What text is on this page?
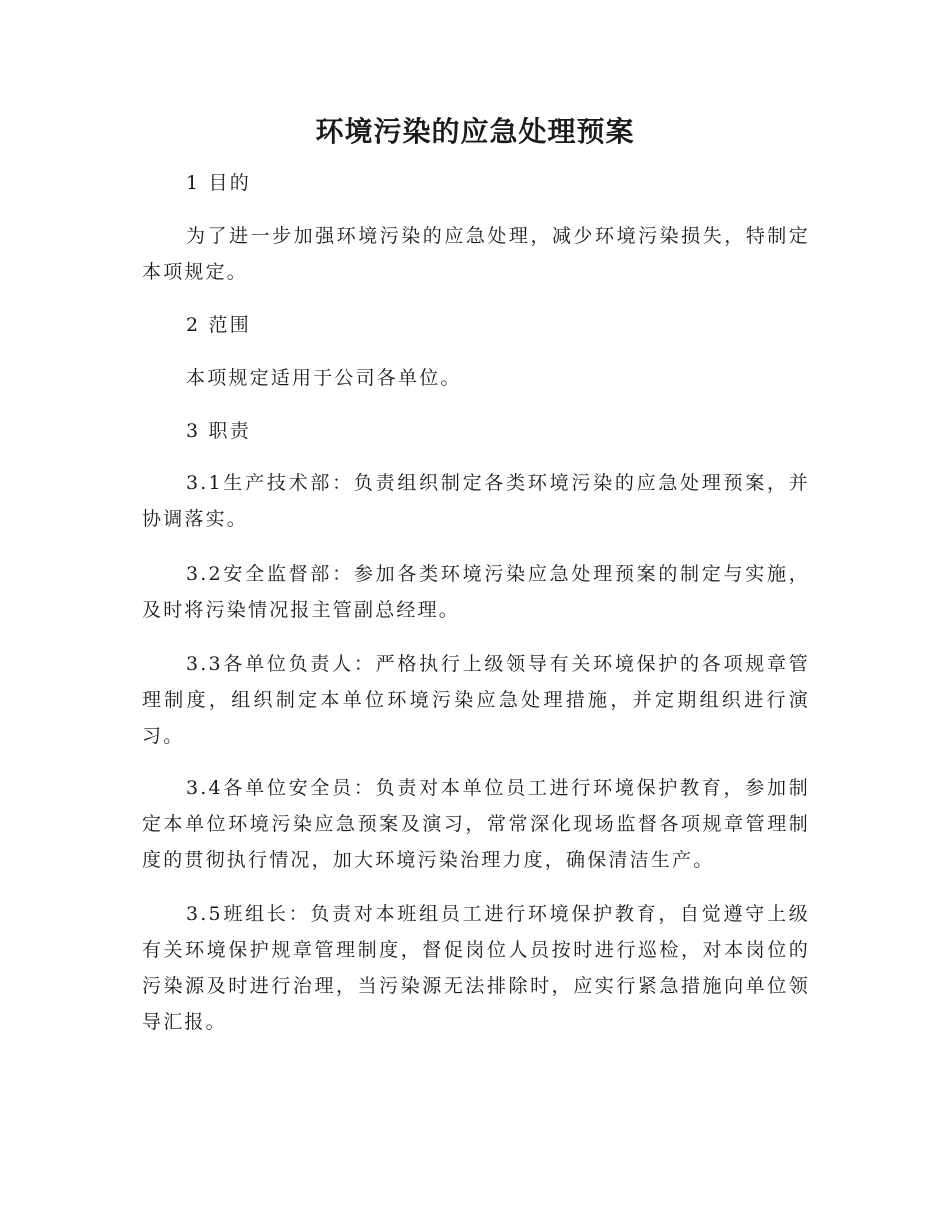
环境污染的应急处理预案
1 目的
为了进一步加强环境污染的应急处理，减少环境污染损失，特制定本项规定。
2 范围
本项规定适用于公司各单位。
3 职责
3.1生产技术部：负责组织制定各类环境污染的应急处理预案，并协调落实。
3.2安全监督部：参加各类环境污染应急处理预案的制定与实施，及时将污染情况报主管副总经理。
3.3各单位负责人：严格执行上级领导有关环境保护的各项规章管理制度，组织制定本单位环境污染应急处理措施，并定期组织进行演习。
3.4各单位安全员：负责对本单位员工进行环境保护教育，参加制定本单位环境污染应急预案及演习，常常深化现场监督各项规章管理制度的贯彻执行情况，加大环境污染治理力度，确保清洁生产。
3.5班组长：负责对本班组员工进行环境保护教育，自觉遵守上级有关环境保护规章管理制度，督促岗位人员按时进行巡检，对本岗位的污染源及时进行治理，当污染源无法排除时，应实行紧急措施向单位领导汇报。
